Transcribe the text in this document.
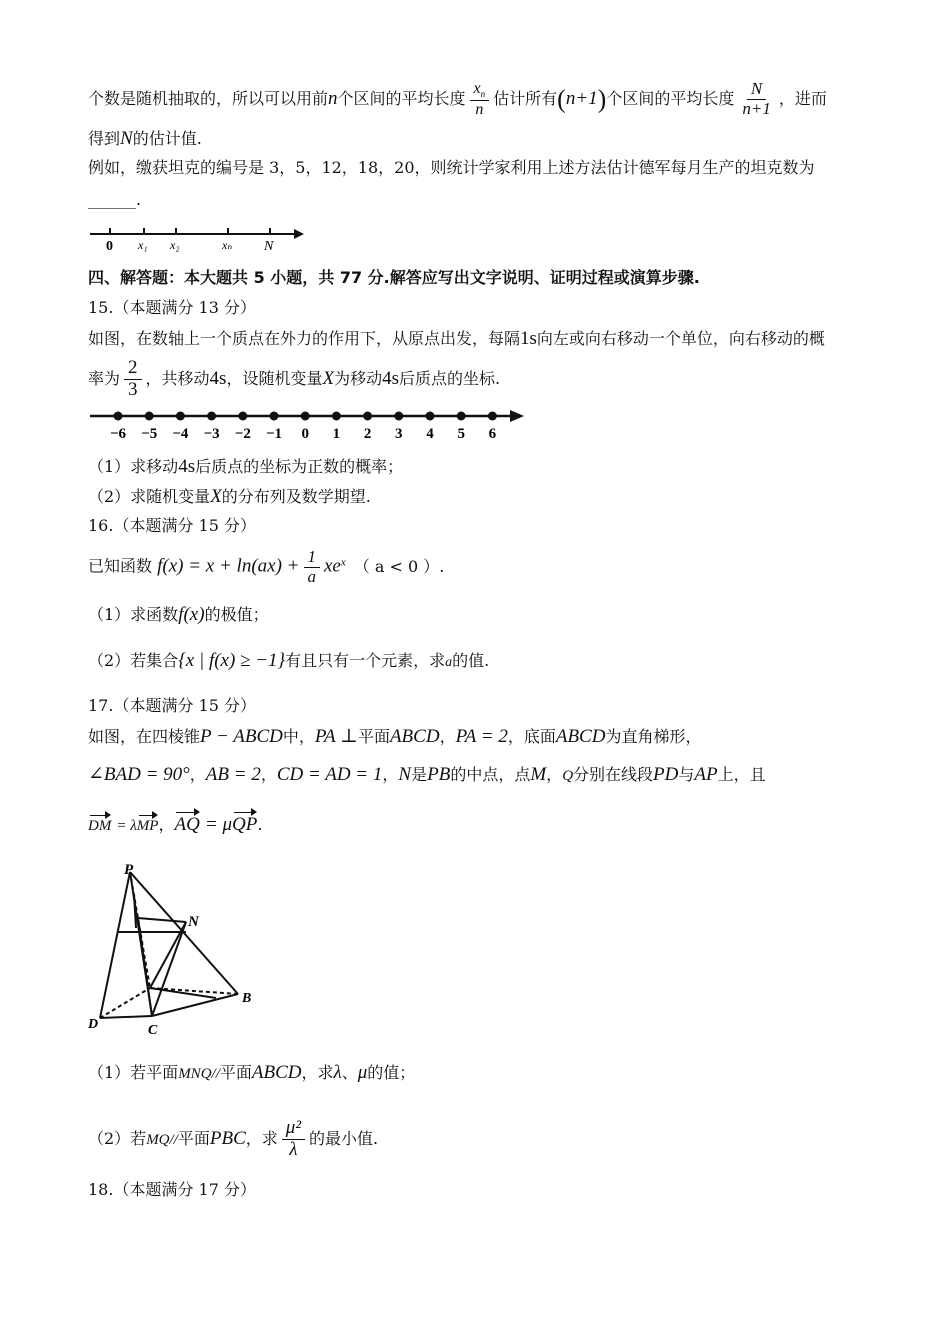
个数是随机抽取的，所以可以用前n个区间的平均长度 $\frac{x_n}{n}$ 估计所有(n+1)个区间的平均长度 $\frac{N}{n+1}$ ，进而
得到N的估计值.
例如，缴获坦克的编号是 3，5，12，18，20，则统计学家利用上述方法估计德军每月生产的坦克数为
______.
0 x₁ x₂	xₙ N
四、解答题：本大题共 5 小题，共 77 分.解答应写出文字说明、证明过程或演算步骤.
15.（本题满分 13 分）
如图，在数轴上一个质点在外力的作用下，从原点出发，每隔1s向左或向右移动一个单位，向右移动的概
率为 $\frac{2}{3}$ ，共移动4s，设随机变量X为移动4s后质点的坐标.
−6 −5 −4 −3 −2 −1 0 1 2 3 4 5 6
（1）求移动4s后质点的坐标为正数的概率；
（2）求随机变量X的分布列及数学期望.
16.（本题满分 15 分）
已知函数 $f(x) = x + \ln(ax) + \frac{1}{a} xe^x$ （ a < 0 ）.
（1）求函数f(x)的极值；
（2）若集合{x | f(x) ≥ −1}有且只有一个元素，求a的值.
17.（本题满分 15 分）
如图，在四棱锥P − ABCD中，PA ⊥平面ABCD，PA = 2，底面ABCD为直角梯形，
∠BAD = 90°，AB = 2，CD = AD = 1，N是PB的中点，点M，Q分别在线段PD与AP上，且
DM = λMP，AQ = μQP.
P
N
B
D	C
（1）若平面MNQ//平面ABCD，求λ、μ的值；
（2）若MQ//平面PBC，求 $\frac{\text{μ²}}{\lambda}$ 的最小值.
18.（本题满分 17 分）
